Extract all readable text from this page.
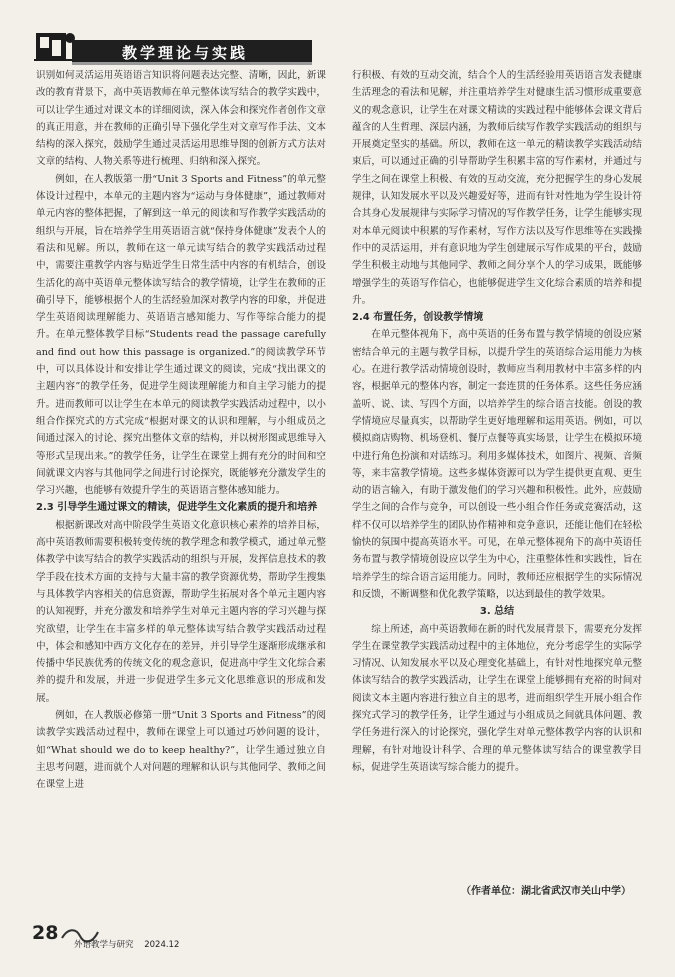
教学理论与实践

识别如何灵活运用英语语言知识将问题表达完整、清晰，因此，新课改的教育背景下，高中英语教师在单元整体读写结合的教学实践中，可以让学生通过对课文本的详细阅读，深入体会和探究作者创作文章的真正用意，并在教师的正确引导下强化学生对文章写作手法、文本结构的深入探究，鼓励学生通过灵活运用思维导图的创新方式方法对文章的结构、人物关系等进行梳理、归纳和深入探究。

例如，在人教版第一册“Unit 3 Sports and Fitness”的单元整体设计过程中，本单元的主题内容为“运动与身体健康”，通过教师对单元内容的整体把握，了解到这一单元的阅读和写作教学实践活动的组织与开展，旨在培养学生用英语语言就“保持身体健康”发表个人的看法和见解。所以，教师在这一单元读写结合的教学实践活动过程中，需要注重教学内容与贴近学生日常生活中内容的有机结合，创设生活化的高中英语单元整体读写结合的教学情境，让学生在教师的正确引导下，能够根据个人的生活经验加深对教学内容的印象，并促进学生英语阅读理解能力、英语语言感知能力、写作等综合能力的提升。在单元整体教学目标“Students read the passage carefully and find out how this passage is organized.”的阅读教学环节中，可以具体设计和安排让学生通过课文的阅读，完成“找出课文的主题内容”的教学任务，促进学生阅读理解能力和自主学习能力的提升。进而教师可以让学生在本单元的阅读教学实践活动过程中，以小组合作探究式的方式完成“根据对课文的认识和理解，与小组成员之间通过深入的讨论、探究出整体文章的结构，并以树形图或思维导入等形式呈现出来。”的教学任务，让学生在课堂上拥有充分的时间和空间就课文内容与其他同学之间进行讨论探究，既能够充分激发学生的学习兴趣，也能够有效提升学生的英语语言整体感知能力。

2.3 引导学生通过课文的精读，促进学生文化素质的提升和培养

根据新课改对高中阶段学生英语文化意识核心素养的培养目标，高中英语教师需要积极转变传统的教学理念和教学模式，通过单元整体教学中读写结合的教学实践活动的组织与开展，发挥信息技术的教学手段在技术方面的支持与大量丰富的教学资源优势，帮助学生搜集与具体教学内容相关的信息资源，帮助学生拓展对各个单元主题内容的认知视野，并充分激发和培养学生对单元主题内容的学习兴趣与探究欲望，让学生在丰富多样的单元整体读写结合教学实践活动过程中，体会和感知中西方文化存在的差异，并引导学生逐渐形成继承和传播中华民族优秀的传统文化的观念意识，促进高中学生文化综合素养的提升和发展，并进一步促进学生多元文化思维意识的形成和发展。

例如，在人教版必修第一册“Unit 3 Sports and Fitness”的阅读教学实践活动过程中，教师在课堂上可以通过巧妙问题的设计，如“What should we do to keep healthy?”，让学生通过独立自主思考问题，进而就个人对问题的理解和认识与其他同学、教师之间在课堂上进

行积极、有效的互动交流，结合个人的生活经验用英语语言发表健康生活理念的看法和见解，并注重培养学生对健康生活习惯形成重要意义的观念意识，让学生在对课文精读的实践过程中能够体会课文背后蕴含的人生哲理、深层内涵，为教师后续写作教学实践活动的组织与开展奠定坚实的基础。所以，教师在这一单元的精读教学实践活动结束后，可以通过正确的引导帮助学生积累丰富的写作素材，并通过与学生之间在课堂上积极、有效的互动交流，充分把握学生的身心发展规律，认知发展水平以及兴趣爱好等，进而有针对性地为学生设计符合其身心发展规律与实际学习情况的写作教学任务，让学生能够实现对本单元阅读中积累的写作素材，写作方法以及写作思维等在实践操作中的灵活运用，并有意识地为学生创建展示写作成果的平台，鼓励学生积极主动地与其他同学、教师之间分享个人的学习成果，既能够增强学生的英语写作信心，也能够促进学生文化综合素质的培养和提升。

2.4 布置任务，创设教学情境

在单元整体视角下，高中英语的任务布置与教学情境的创设应紧密结合单元的主题与教学目标，以提升学生的英语综合运用能力为核心。在进行教学活动情境创设时，教师应当利用教材中丰富多样的内容，根据单元的整体内容，制定一套连贯的任务体系。这些任务应涵盖听、说、读、写四个方面，以培养学生的综合语言技能。创设的教学情境应尽量真实，以帮助学生更好地理解和运用英语。例如，可以模拟商店购物、机场登机、餐厅点餐等真实场景，让学生在模拟环境中进行角色扮演和对话练习。利用多媒体技术，如图片、视频、音频等，来丰富教学情境。这些多媒体资源可以为学生提供更直观、更生动的语言输入，有助于激发他们的学习兴趣和积极性。此外，应鼓励学生之间的合作与竞争，可以创设一些小组合作任务或竞赛活动，这样不仅可以培养学生的团队协作精神和竞争意识，还能让他们在轻松愉快的氛围中提高英语水平。可见，在单元整体视角下的高中英语任务布置与教学情境创设应以学生为中心，注重整体性和实践性，旨在培养学生的综合语言运用能力。同时，教师还应根据学生的实际情况和反馈，不断调整和优化教学策略，以达到最佳的教学效果。

3. 总结

综上所述，高中英语教师在新的时代发展背景下，需要充分发挥学生在课堂教学实践活动过程中的主体地位，充分考虑学生的实际学习情况、认知发展水平以及心理变化基础上，有针对性地探究单元整体读写结合的教学实践活动，让学生在课堂上能够拥有充裕的时间对阅读文本主题内容进行独立自主的思考，进而组织学生开展小组合作探究式学习的教学任务，让学生通过与小组成员之间就具体问题、教学任务进行深入的讨论探究，强化学生对单元整体教学内容的认识和理解，有针对地设计科学、合理的单元整体读写结合的课堂教学目标，促进学生英语读写综合能力的提升。

（作者单位：湖北省武汉市关山中学）
28
外语教学与研究 2024.12
